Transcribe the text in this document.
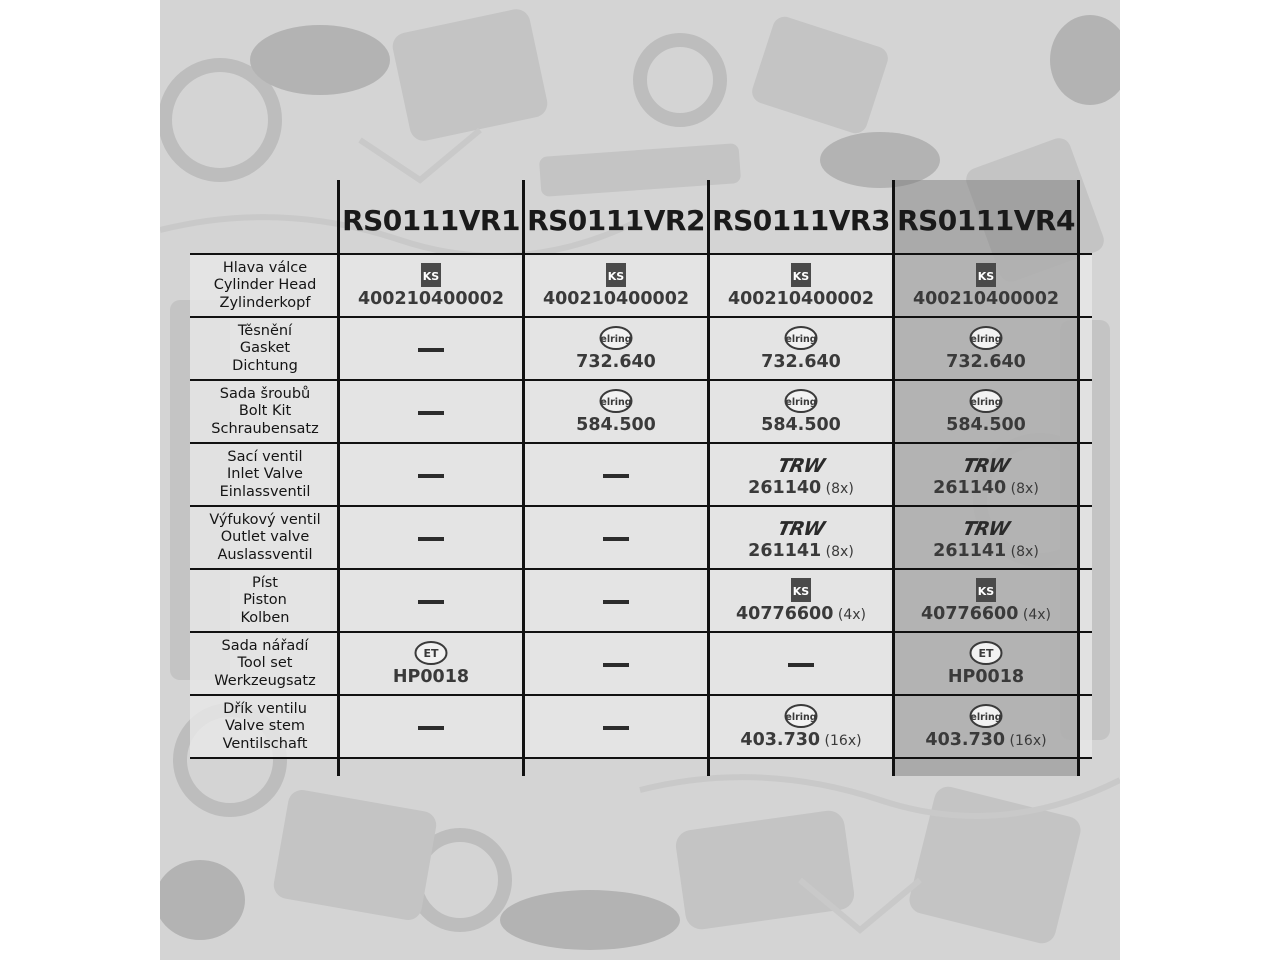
RS0111VR1 RS0111VR2 RS0111VR3 RS0111VR4
Hlava válce
Cylinder Head
Zylinderkopf
KS
400210400002
KS
400210400002
KS
400210400002
KS
400210400002
Těsnění
Gasket
Dichtung
elring
732.640
elring
732.640
elring
732.640
Sada šroubů
Bolt Kit
Schraubensatz
elring
584.500
elring
584.500
elring
584.500
Sací ventil
Inlet Valve
Einlassventil
TRW
261140 (8x)
TRW
261140 (8x)
Výfukový ventil
Outlet valve
Auslassventil
TRW
261141 (8x)
TRW
261141 (8x)
Píst
Piston
Kolben
KS
40776600 (4x)
KS
40776600 (4x)
Sada nářadí
Tool set
Werkzeugsatz
ET
HP0018
ET
HP0018
Dřík ventilu
Valve stem
Ventilschaft
elring
403.730 (16x)
elring
403.730 (16x)
